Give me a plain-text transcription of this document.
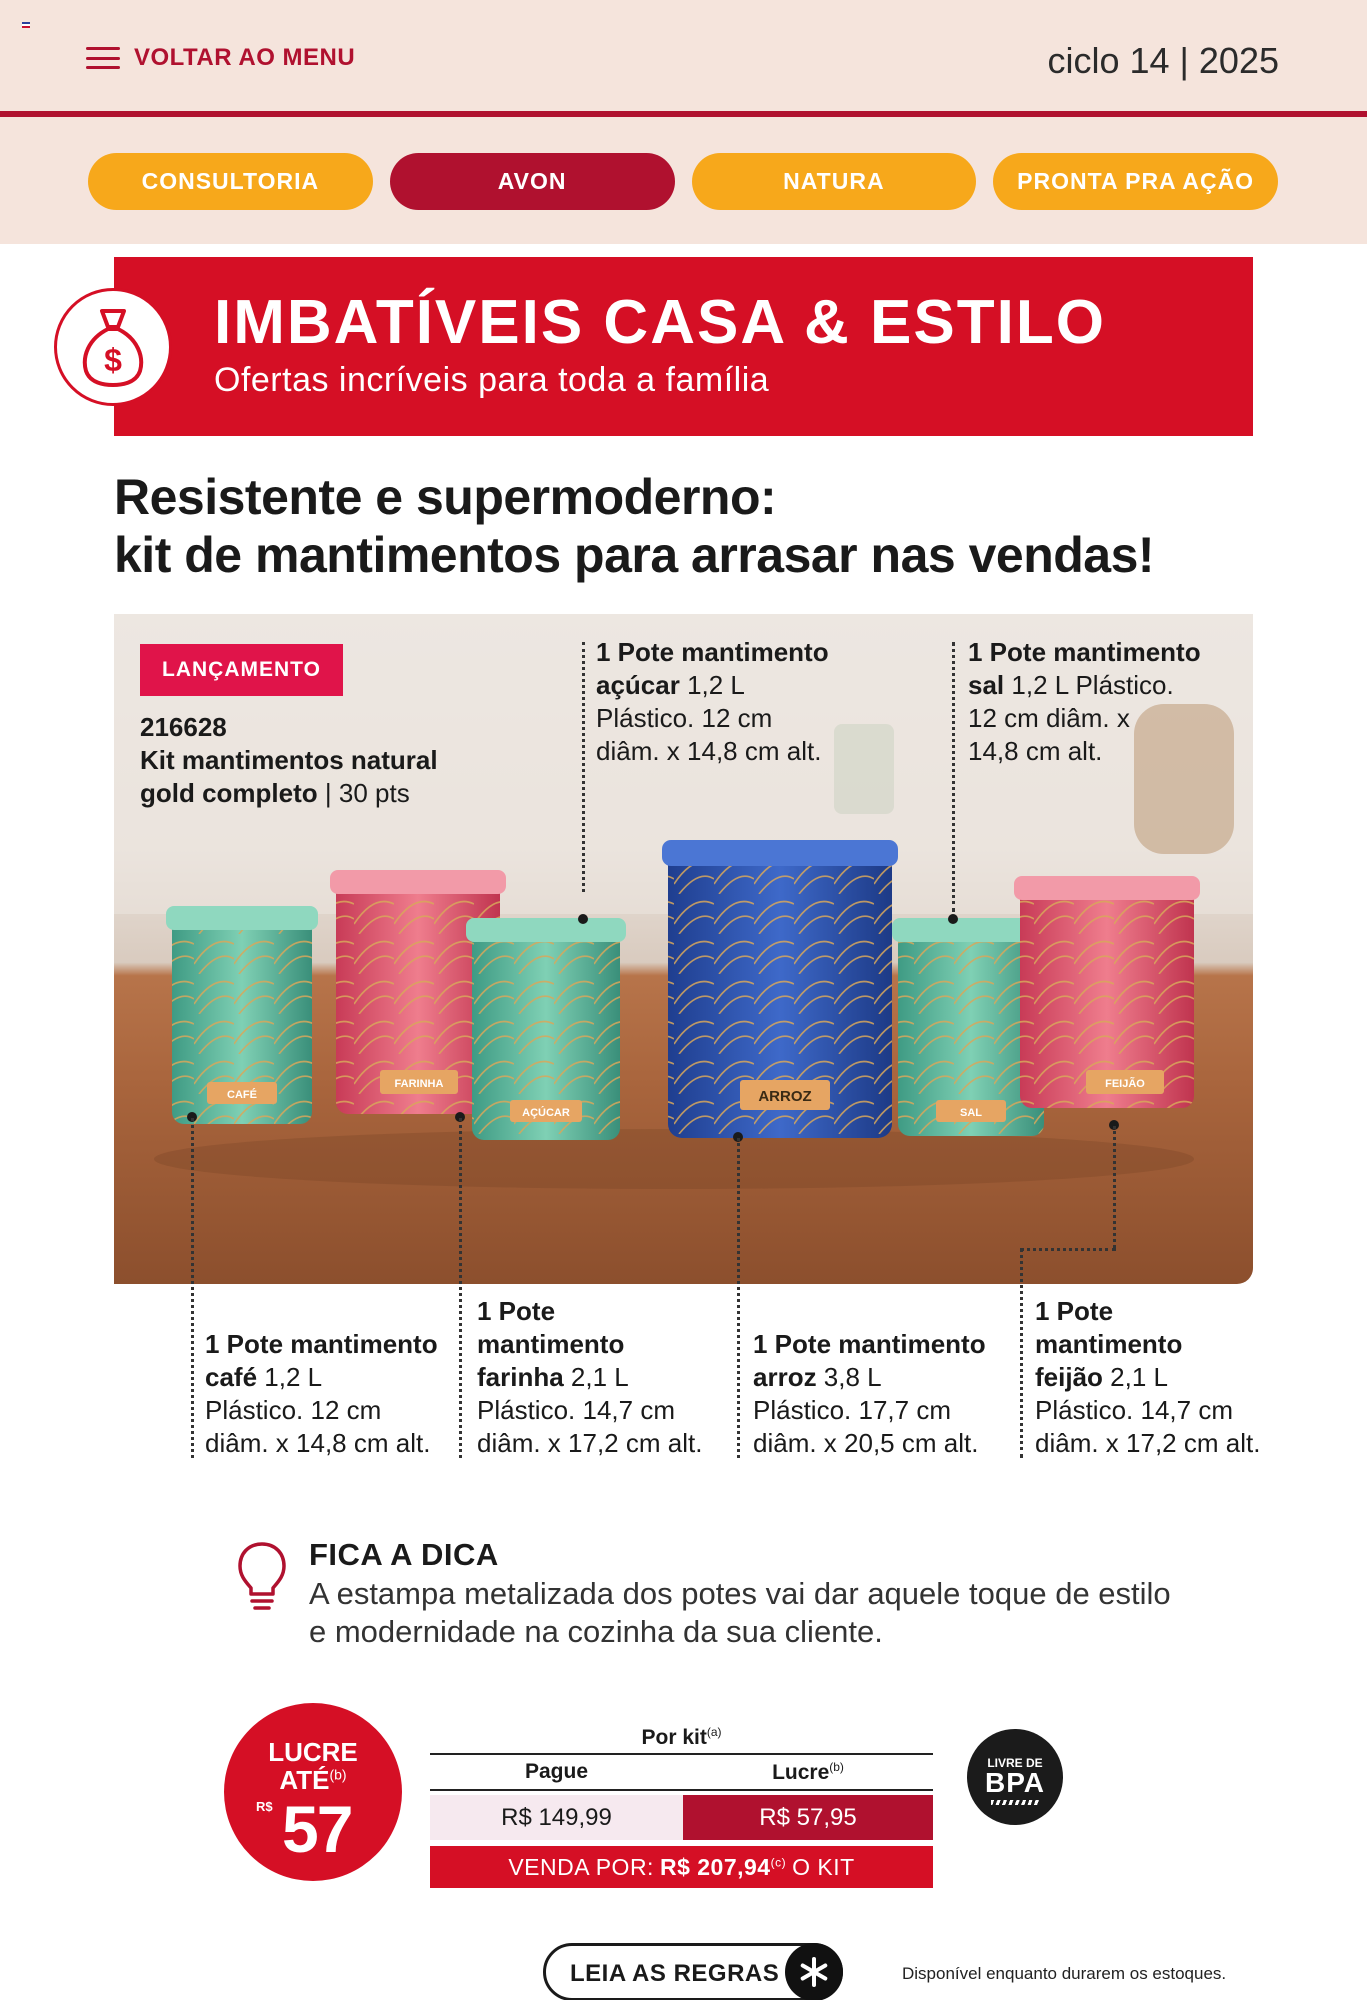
VOLTAR AO MENU	ciclo 14 | 2025
CONSULTORIA	AVON	NATURA	PRONTA PRA AÇÃO
IMBATÍVEIS CASA & ESTILO
Ofertas incríveis para toda a família
$
Resistente e supermoderno:
kit de mantimentos para arrasar nas vendas!
CAFÉ
FARINHA
AÇÚCAR
ARROZ
SAL
FEIJÃO
LANÇAMENTO
216628
Kit mantimentos natural
gold completo | 30 pts
1 Pote mantimento
açúcar 1,2 L
Plástico. 12 cm
diâm. x 14,8 cm alt.
1 Pote mantimento
sal 1,2 L Plástico.
12 cm diâm. x
14,8 cm alt.
1 Pote mantimento
café 1,2 L
Plástico. 12 cm
diâm. x 14,8 cm alt.
1 Pote
mantimento
farinha 2,1 L
Plástico. 14,7 cm
diâm. x 17,2 cm alt.
1 Pote mantimento
arroz 3,8 L
Plástico. 17,7 cm
diâm. x 20,5 cm alt.
1 Pote
mantimento
feijão 2,1 L
Plástico. 14,7 cm
diâm. x 17,2 cm alt.
FICA A DICA
A estampa metalizada dos potes vai dar aquele toque de estilo e modernidade na cozinha da sua cliente.
LUCRE
ATÉ$^{(b)}$
R$ 57
Por kit$^{(a)}$
Pague	Lucre$^{(b)}$
R$ 149,99	R$ 57,95
VENDA POR: R$ 207,94$^{(c)}$ O KIT
LIVRE DE
BPA
LEIA AS REGRAS	Disponível enquanto durarem os estoques.
